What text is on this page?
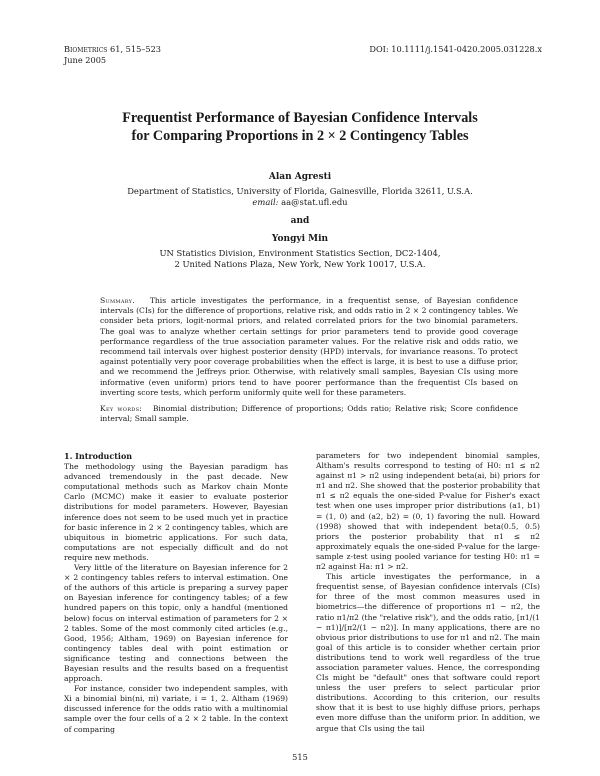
Biometrics 61, 515–523
June 2005
DOI: 10.1111/j.1541-0420.2005.031228.x
Frequentist Performance of Bayesian Confidence Intervals
for Comparing Proportions in 2 × 2 Contingency Tables
Alan Agresti
Department of Statistics, University of Florida, Gainesville, Florida 32611, U.S.A.
email: aa@stat.ufl.edu
and
Yongyi Min
UN Statistics Division, Environment Statistics Section, DC2-1404,
2 United Nations Plaza, New York, New York 10017, U.S.A.

Summary. This article investigates the performance, in a frequentist sense, of Bayesian confidence intervals (CIs) for the difference of proportions, relative risk, and odds ratio in 2 × 2 contingency tables. We consider beta priors, logit-normal priors, and related correlated priors for the two binomial parameters. The goal was to analyze whether certain settings for prior parameters tend to provide good coverage performance regardless of the true association parameter values. For the relative risk and odds ratio, we recommend tail intervals over highest posterior density (HPD) intervals, for invariance reasons. To protect against potentially very poor coverage probabilities when the effect is large, it is best to use a diffuse prior, and we recommend the Jeffreys prior. Otherwise, with relatively small samples, Bayesian CIs using more informative (even uniform) priors tend to have poorer performance than the frequentist CIs based on inverting score tests, which perform uniformly quite well for these parameters.

Key words: Binomial distribution; Difference of proportions; Odds ratio; Relative risk; Score confidence interval; Small sample.

1. Introduction

The methodology using the Bayesian paradigm has advanced tremendously in the past decade. New computational methods such as Markov chain Monte Carlo (MCMC) make it easier to evaluate posterior distributions for model parameters. However, Bayesian inference does not seem to be used much yet in practice for basic inference in 2 × 2 contingency tables, which are ubiquitous in biometric applications. For such data, computations are not especially difficult and do not require new methods.

Very little of the literature on Bayesian inference for 2 × 2 contingency tables refers to interval estimation. One of the authors of this article is preparing a survey paper on Bayesian inference for contingency tables; of a few hundred papers on this topic, only a handful (mentioned below) focus on interval estimation of parameters for 2 × 2 tables. Some of the most commonly cited articles (e.g., Good, 1956; Altham, 1969) on Bayesian inference for contingency tables deal with point estimation or significance testing and connections between the Bayesian results and the results based on a frequentist approach.

For instance, consider two independent samples, with Xi a binomial bin(ni, πi) variate, i = 1, 2. Altham (1969) discussed inference for the odds ratio with a multinomial sample over the four cells of a 2 × 2 table. In the context of comparing

parameters for two independent binomial samples, Altham's results correspond to testing of H0: π1 ≤ π2 against π1 > π2 using independent beta(ai, bi) priors for π1 and π2. She showed that the posterior probability that π1 ≤ π2 equals the one-sided P-value for Fisher's exact test when one uses improper prior distributions (a1, b1) = (1, 0) and (a2, b2) = (0, 1) favoring the null. Howard (1998) showed that with independent beta(0.5, 0.5) priors the posterior probability that π1 ≤ π2 approximately equals the one-sided P-value for the large-sample z-test using pooled variance for testing H0: π1 = π2 against Ha: π1 > π2.

This article investigates the performance, in a frequentist sense, of Bayesian confidence intervals (CIs) for three of the most common measures used in biometrics—the difference of proportions π1 − π2, the ratio π1/π2 (the "relative risk"), and the odds ratio, [π1/(1 − π1)]/[π2/(1 − π2)]. In many applications, there are no obvious prior distributions to use for π1 and π2. The main goal of this article is to consider whether certain prior distributions tend to work well regardless of the true association parameter values. Hence, the corresponding CIs might be "default" ones that software could report unless the user prefers to select particular prior distributions. According to this criterion, our results show that it is best to use highly diffuse priors, perhaps even more diffuse than the uniform prior. In addition, we argue that CIs using the tail

515
